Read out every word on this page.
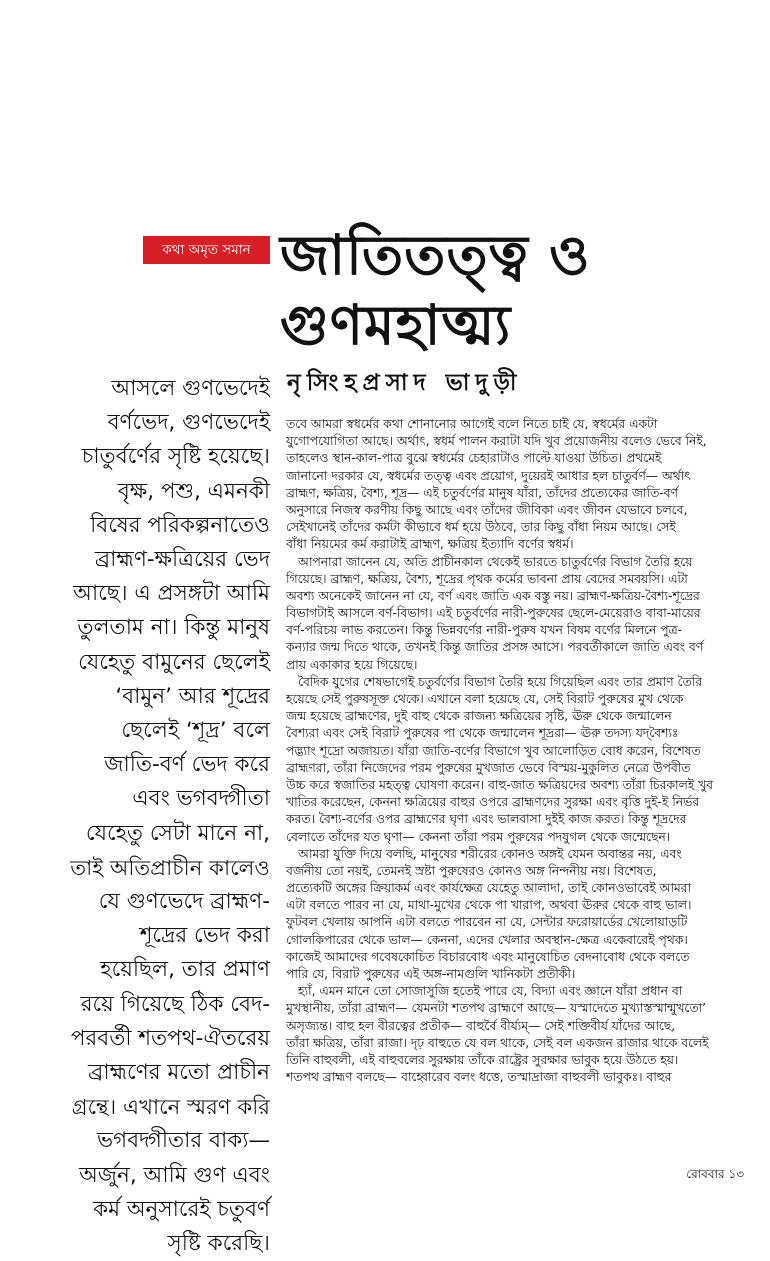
কথা অমৃত সমান জাতিতত্ত্ব ও
গুণমহাত্ম্য
নৃসিংহপ্রসাদ ভাদুড়ী
আসলে গুণভেদেই
বর্ণভেদ, গুণভেদেই
চাতুর্বর্ণের সৃষ্টি হয়েছে।
বৃক্ষ, পশু, এমনকী
বিষের পরিকল্পনাতেও
ব্রাহ্মণ-ক্ষত্রিয়ের ভেদ
আছে। এ প্রসঙ্গটা আমি
তুলতাম না। কিন্তু মানুষ
যেহেতু বামুনের ছেলেই
‘বামুন’ আর শূদ্রের
ছেলেই ‘শূদ্র’ বলে
জাতি-বর্ণ ভেদ করে
এবং ভগবদ্গীতা
যেহেতু সেটা মানে না,
তাই অতিপ্রাচীন কালেও
যে গুণভেদে ব্রাহ্মণ-
শূদ্রের ভেদ করা
হয়েছিল, তার প্রমাণ
রয়ে গিয়েছে ঠিক বেদ-
পরবর্তী শতপথ-ঐতরেয়
ব্রাহ্মণের মতো প্রাচীন
গ্রন্থে। এখানে স্মরণ করি
ভগবদ্গীতার বাক্য—
অর্জুন, আমি গুণ এবং
কর্ম অনুসারেই চতুবর্ণ
সৃষ্টি করেছি।
তবে আমরা স্বধর্মের কথা শোনানোর আগেই বলে নিতে চাই যে, স্বধর্মের একটা
যুগোপযোগিতা আছে। অর্থাৎ, স্বধর্ম পালন করাটা যদি খুব প্রয়োজনীয় বলেও ভেবে নিই,
তাহলেও স্থান-কাল-পাত্র বুঝে স্বধর্মের চেহারাটাও পাল্টে যাওয়া উচিত। প্রথমেই
জানানো দরকার যে, স্বধর্মের তত্ত্ব এবং প্রয়োগ, দুয়েরই আধার হল চাতুর্বর্ণ— অর্থাৎ
ব্রাহ্মণ, ক্ষত্রিয়, বৈশ্য, শূদ্র— এই চতুর্বর্ণের মানুষ যাঁরা, তাঁদের প্রত্যেকের জাতি-বর্ণ
অনুসারে নিজস্ব করণীয় কিছু আছে এবং তাঁদের জীবিকা এবং জীবন যেভাবে চলবে,
সেইখানেই তাঁদের কর্মটা কীভাবে ধর্ম হয়ে উঠবে, তার কিছু বাঁধা নিয়ম আছে। সেই
বাঁধা নিয়মের কর্ম করাটাই ব্রাহ্মণ, ক্ষত্রিয় ইত্যাদি বর্ণের স্বধর্ম।
আপনারা জানেন যে, অতি প্রাচীনকাল থেকেই ভারতে চাতুর্বর্ণের বিভাগ তৈরি হয়ে
গিয়েছে। ব্রাহ্মণ, ক্ষত্রিয়, বৈশ্য, শূদ্রের পৃথক কর্মের ভাবনা প্রায় বেদের সমবয়সি। এটা
অবশ্য অনেকেই জানেন না যে, বর্ণ এবং জাতি এক বস্তু নয়। ব্রাহ্মণ-ক্ষত্রিয়-বৈশ্য-শূদ্রের
বিভাগটাই আসলে বর্ণ-বিভাগ। এই চতুর্বর্ণের নারী-পুরুষের ছেলে-মেয়েরাও বাবা-মায়ের
বর্ণ-পরিচয় লাভ করতেন। কিন্তু ভিন্নবর্ণের নারী-পুরুষ যখন বিষম বর্ণের মিলনে পুত্র-
কন্যার জন্ম দিতে থাকে, তখনই কিন্তু জাতির প্রসঙ্গ আসে। পরবর্তীকালে জাতি এবং বর্ণ
প্রায় একাকার হয়ে গিয়েছে।
বৈদিক যুগের শেষভাগেই চতুর্বর্ণের বিভাগ তৈরি হয়ে গিয়েছিল এবং তার প্রমাণ তৈরি
হয়েছে সেই পুরুষসূক্ত থেকে। এখানে বলা হয়েছে যে, সেই বিরাট পুরুষের মুখ থেকে
জন্ম হয়েছে ব্রাহ্মণের, দুই বাহু থেকে রাজন্য ক্ষত্রিয়ের সৃষ্টি, ঊরু থেকে জন্মালেন
বৈশ্যরা এবং সেই বিরাট পুরুষের পা থেকে জন্মালেন শূদ্ররা— ঊরু তদস্য যদ্‌বৈশ্যঃ
পদ্ভ্যাং শূদ্রো অজায়ত। যাঁরা জাতি-বর্ণের বিভাগে খুব আলোড়িত বোধ করেন, বিশেষত
ব্রাহ্মণরা, তাঁরা নিজেদের পরম পুরুষের মুখজাত ভেবে বিস্ময়-মুকুলিত নেত্রে উপবীত
উচ্চ করে স্বজাতির মহত্ত্ব ঘোষণা করেন। বাহু-জাত ক্ষত্রিয়দের অবশ্য তাঁরা চিরকালই খুব
খাতির করেছেন, কেননা ক্ষত্রিয়ের বাহুর ওপরে ব্রাহ্মণদের সুরক্ষা এবং বৃত্তি দুই-ই নির্ভর
করত। বৈশ্য-বর্ণের ওপর ব্রাহ্মণের ঘৃণা এবং ভালবাসা দুইই কাজ করত। কিন্তু শূদ্রদের
বেলাতে তাঁদের যত ঘৃণা— কেননা তাঁরা পরম পুরুষের পদযুগল থেকে জন্মেছেন।
আমরা যুক্তি দিয়ে বলছি, মানুষের শরীরের কোনও অঙ্গই যেমন অবান্তর নয়, এবং
বর্জনীয় তো নয়ই, তেমনই স্রষ্টা পুরুষেরও কোনও অঙ্গ নিন্দনীয় নয়। বিশেষত,
প্রত্যেকটি অঙ্গের ক্রিয়াকর্ম এবং কার্যক্ষেত্র যেহেতু আলাদা, তাই কোনওভাবেই আমরা
এটা বলতে পারব না যে, মাথা-মুখের থেকে পা খারাপ, অথবা ঊরুর থেকে বাহু ভাল।
ফুটবল খেলায় আপনি এটা বলতে পারবেন না যে, সেন্টার ফরোয়ার্ডের খেলোয়াড়টি
গোলকিপারের থেকে ভাল— কেননা, এদের খেলার অবস্থান-ক্ষেত্র একেবারেই পৃথক।
কাজেই আমাদের গবেষকোচিত বিচারবোধ এবং মানুষোচিত বেদনাবোধ থেকে বলতে
পারি যে, বিরাট পুরুষের এই অঙ্গ-নামগুলি খানিকটা প্রতীকী।
হ্যাঁ, এমন মানে তো সোজাসুজি হতেই পারে যে, বিদ্যা এবং জ্ঞানে যাঁরা প্রধান বা
মুখস্থানীয়, তাঁরা ব্রাহ্মণ— যেমনটা শতপথ ব্রাহ্মণে আছে— যস্মাদেতে মুখ্যাস্তস্মান্মুখতো’
অসৃজ্যন্ত। বাহু হল বীরত্বের প্রতীক— বাহুর্বৈ বীর্য্যম্‌— সেই শক্তিবীর্য যাঁদের আছে,
তাঁরা ক্ষত্রিয়, তাঁরা রাজা। দৃঢ় বাহুতে যে বল থাকে, সেই বল একজন রাজার থাকে বলেই
তিনি বাহুবলী, এই বাহুবলের সুরক্ষায় তাঁকে রাষ্ট্রের সুরক্ষার ভাবুক হয়ে উঠতে হয়।
শতপথ ব্রাহ্মণ বলছে— বাহ্বোরেব বলং ধত্তে, তস্মাদ্রাজা বাহুবলী ভাবুকঃ। বাহুর
রোববার ১৩
